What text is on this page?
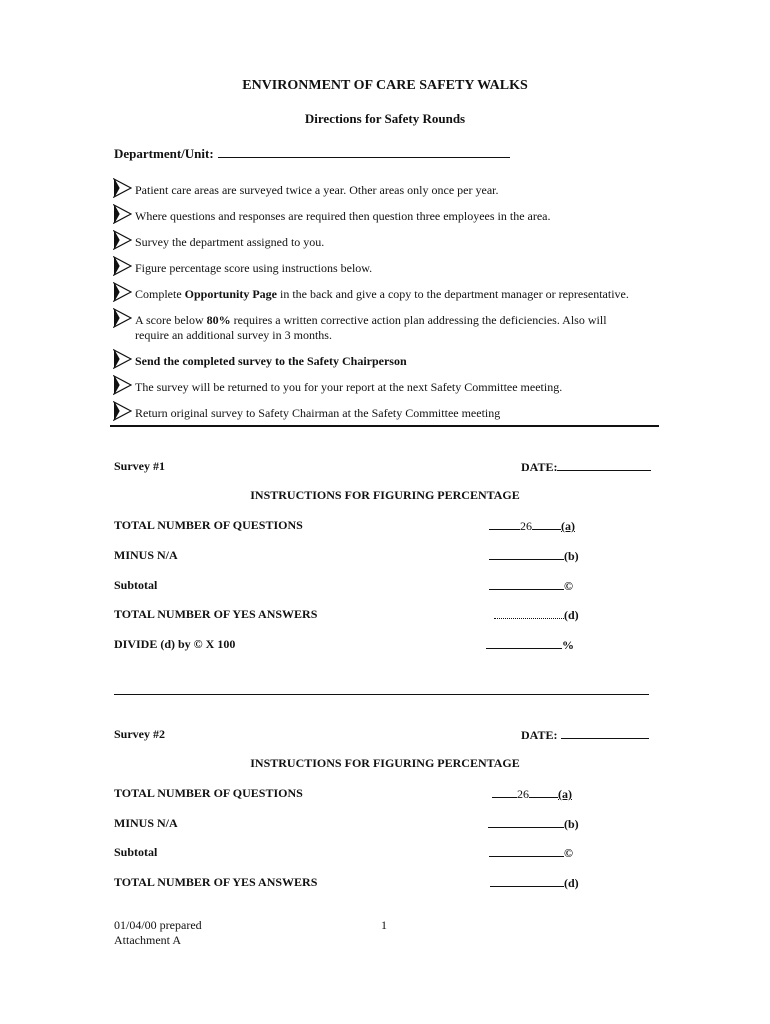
ENVIRONMENT OF CARE SAFETY WALKS
Directions for Safety Rounds
Department/Unit:
Patient care areas are surveyed twice a year. Other areas only once per year.
Where questions and responses are required then question three employees in the area.
Survey the department assigned to you.
Figure percentage score using instructions below.
Complete Opportunity Page in the back and give a copy to the department manager or representative.
A score below 80% requires a written corrective action plan addressing the deficiencies. Also will
require an additional survey in 3 months.
Send the completed survey to the Safety Chairperson
The survey will be returned to you for your report at the next Safety Committee meeting.
Return original survey to Safety Chairman at the Safety Committee meeting
Survey #1	DATE:
INSTRUCTIONS FOR FIGURING PERCENTAGE
TOTAL NUMBER OF QUESTIONS	26 (a)
MINUS N/A	(b)
Subtotal	©
TOTAL NUMBER OF YES ANSWERS	(d)
DIVIDE (d) by © X 100	%
Survey #2	DATE:
INSTRUCTIONS FOR FIGURING PERCENTAGE
TOTAL NUMBER OF QUESTIONS	26 (a)
MINUS N/A	(b)
Subtotal	©
TOTAL NUMBER OF YES ANSWERS	(d)
01/04/00 prepared
Attachment A
1
